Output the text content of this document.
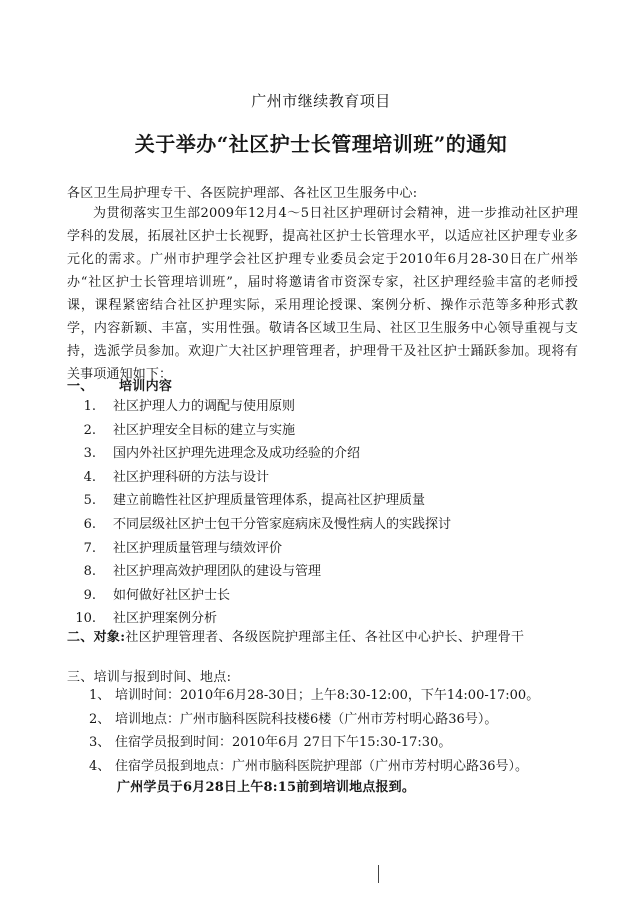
广州市继续教育项目
关于举办“社区护士长管理培训班”的通知
各区卫生局护理专干、各医院护理部、各社区卫生服务中心:

为贯彻落实卫生部2009年12月4～5日社区护理研讨会精神，进一步推动社区护理学科的发展，拓展社区护士长视野，提高社区护士长管理水平，以适应社区护理专业多元化的需求。广州市护理学会社区护理专业委员会定于2010年6月28-30日在广州举办“社区护士长管理培训班”，届时将邀请省市资深专家，社区护理经验丰富的老师授课，课程紧密结合社区护理实际，采用理论授课、案例分析、操作示范等多种形式教学，内容新颖、丰富，实用性强。敬请各区域卫生局、社区卫生服务中心领导重视与支持，选派学员参加。欢迎广大社区护理管理者，护理骨干及社区护士踊跃参加。现将有关事项通知如下：

一、 培训内容
1. 社区护理人力的调配与使用原则
2. 社区护理安全目标的建立与实施
3. 国内外社区护理先进理念及成功经验的介绍
4. 社区护理科研的方法与设计
5. 建立前瞻性社区护理质量管理体系，提高社区护理质量
6. 不同层级社区护士包干分管家庭病床及慢性病人的实践探讨
7. 社区护理质量管理与绩效评价
8. 社区护理高效护理团队的建设与管理
9. 如何做好社区护士长
10. 社区护理案例分析
二、对象:社区护理管理者、各级医院护理部主任、各社区中心护长、护理骨干
三、培训与报到时间、地点:
1、 培训时间：2010年6月28-30日；上午8:30-12:00，下午14:00-17:00。
2、 培训地点：广州市脑科医院科技楼6楼（广州市芳村明心路36号）。
3、 住宿学员报到时间：2010年6月 27日下午15:30-17:30。
4、 住宿学员报到地点：广州市脑科医院护理部（广州市芳村明心路36号）。
广州学员于6月28日上午8:15前到培训地点报到。
